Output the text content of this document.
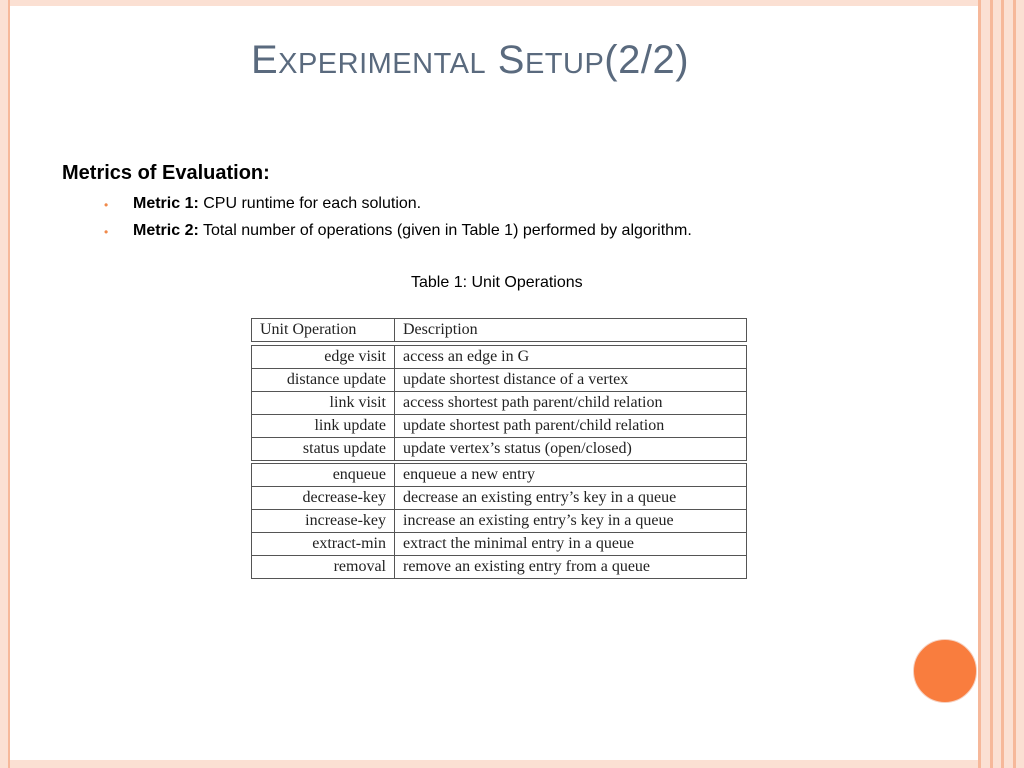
EXPERIMENTAL SETUP(2/2)
Metrics of Evaluation:
• Metric 1: CPU runtime for each solution.
• Metric 2: Total number of operations (given in Table 1) performed by algorithm.
Table 1: Unit Operations
Unit Operation	Description
edge visit	access an edge in G
distance update	update shortest distance of a vertex
link visit	access shortest path parent/child relation
link update	update shortest path parent/child relation
status update	update vertex’s status (open/closed)
enqueue	enqueue a new entry
decrease-key	decrease an existing entry’s key in a queue
increase-key	increase an existing entry’s key in a queue
extract-min	extract the minimal entry in a queue
removal	remove an existing entry from a queue
